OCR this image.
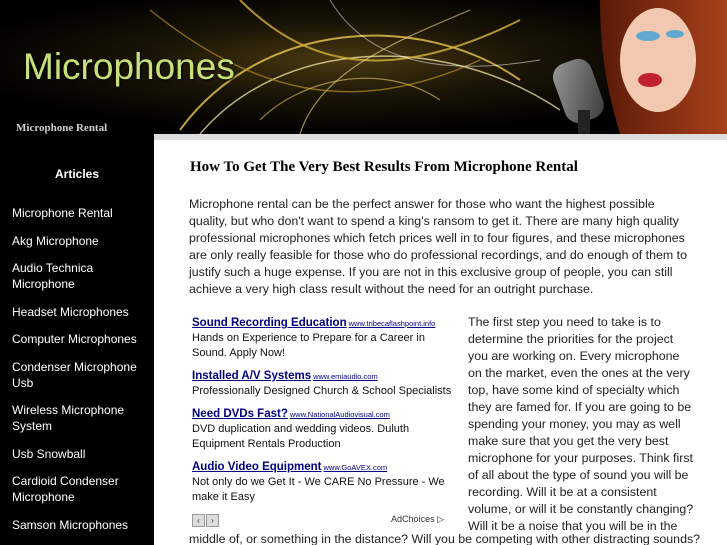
Microphones
Microphone Rental
Articles
Microphone Rental
Akg Microphone
Audio Technica Microphone
Headset Microphones
Computer Microphones
Condenser Microphone Usb
Wireless Microphone System
Usb Snowball
Cardioid Condenser Microphone
Samson Microphones
How To Get The Very Best Results From Microphone Rental

Microphone rental can be the perfect answer for those who want the highest possible quality, but who don't want to spend a king's ransom to get it. There are many high quality professional microphones which fetch prices well in to four figures, and these microphones are only really feasible for those who do professional recordings, and do enough of them to justify such a huge expense. If you are not in this exclusive group of people, you can still achieve a very high class result without the need for an outright purchase.

Sound Recording Education www.tribecaflashpoint.info
Hands on Experience to Prepare for a Career in Sound. Apply Now!
Installed A/V Systems www.emiaudio.com
Professionally Designed Church & School Specialists
Need DVDs Fast? www.NationalAudiovisual.com
DVD duplication and wedding videos. Duluth Equipment Rentals Production
Audio Video Equipment www.GoAVEX.com
Not only do we Get It - We CARE No Pressure - We make it Easy
‹	›	AdChoices ▷

The first step you need to take is to determine the priorities for the project you are working on. Every microphone on the market, even the ones at the very top, have some kind of specialty which they are famed for. If you are going to be spending your money, you may as well make sure that you get the very best microphone for your purposes. Think first of all about the type of sound you will be recording. Will it be at a consistent volume, or will it be constantly changing? Will it be a noise that you will be in the

middle of, or something in the distance? Will you be competing with other distracting sounds?
